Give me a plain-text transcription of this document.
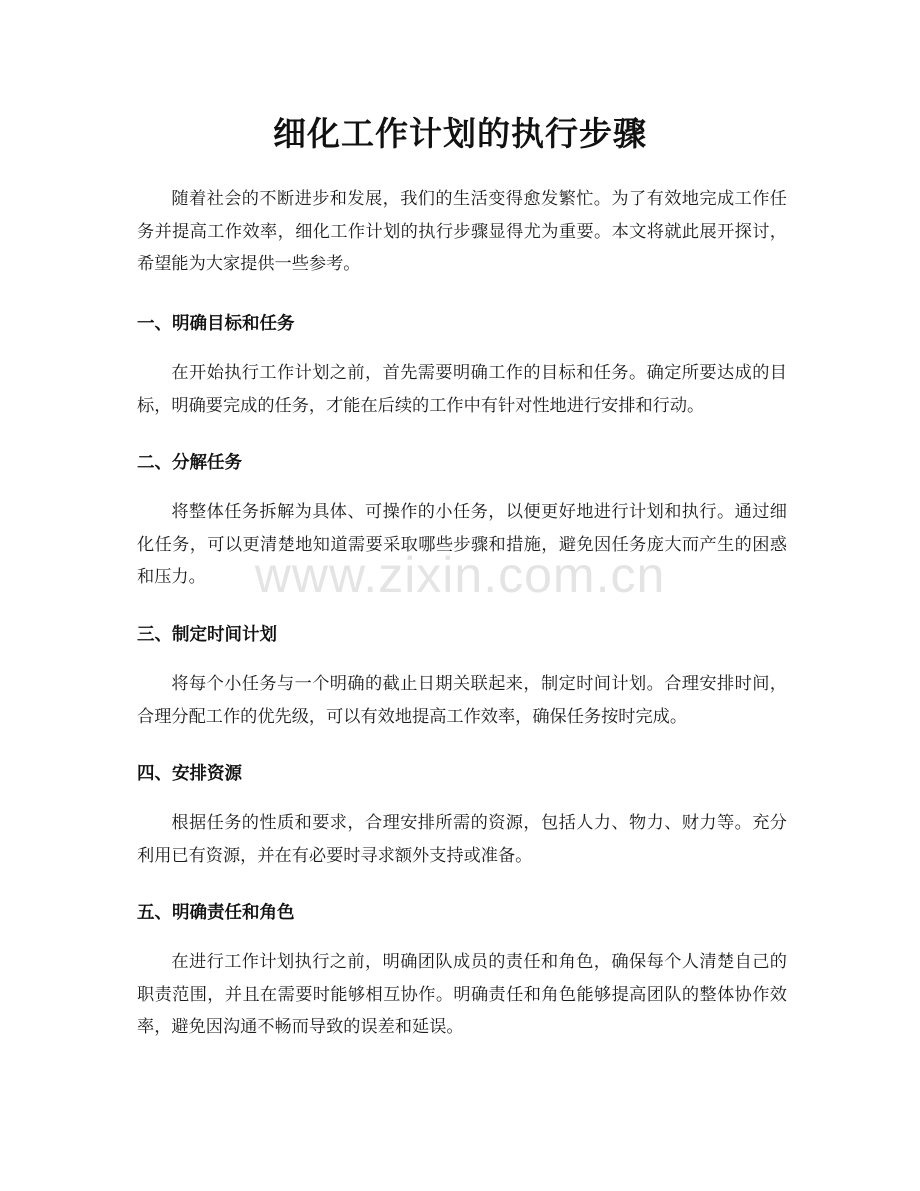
细化工作计划的执行步骤

随着社会的不断进步和发展，我们的生活变得愈发繁忙。为了有效地完成工作任务并提高工作效率，细化工作计划的执行步骤显得尤为重要。本文将就此展开探讨，希望能为大家提供一些参考。

一、明确目标和任务

在开始执行工作计划之前，首先需要明确工作的目标和任务。确定所要达成的目标，明确要完成的任务，才能在后续的工作中有针对性地进行安排和行动。

二、分解任务

将整体任务拆解为具体、可操作的小任务，以便更好地进行计划和执行。通过细化任务，可以更清楚地知道需要采取哪些步骤和措施，避免因任务庞大而产生的困惑和压力。

三、制定时间计划

将每个小任务与一个明确的截止日期关联起来，制定时间计划。合理安排时间，合理分配工作的优先级，可以有效地提高工作效率，确保任务按时完成。

四、安排资源

根据任务的性质和要求，合理安排所需的资源，包括人力、物力、财力等。充分利用已有资源，并在有必要时寻求额外支持或准备。

五、明确责任和角色

在进行工作计划执行之前，明确团队成员的责任和角色，确保每个人清楚自己的职责范围，并且在需要时能够相互协作。明确责任和角色能够提高团队的整体协作效率，避免因沟通不畅而导致的误差和延误。

www.zixin.com.cn
